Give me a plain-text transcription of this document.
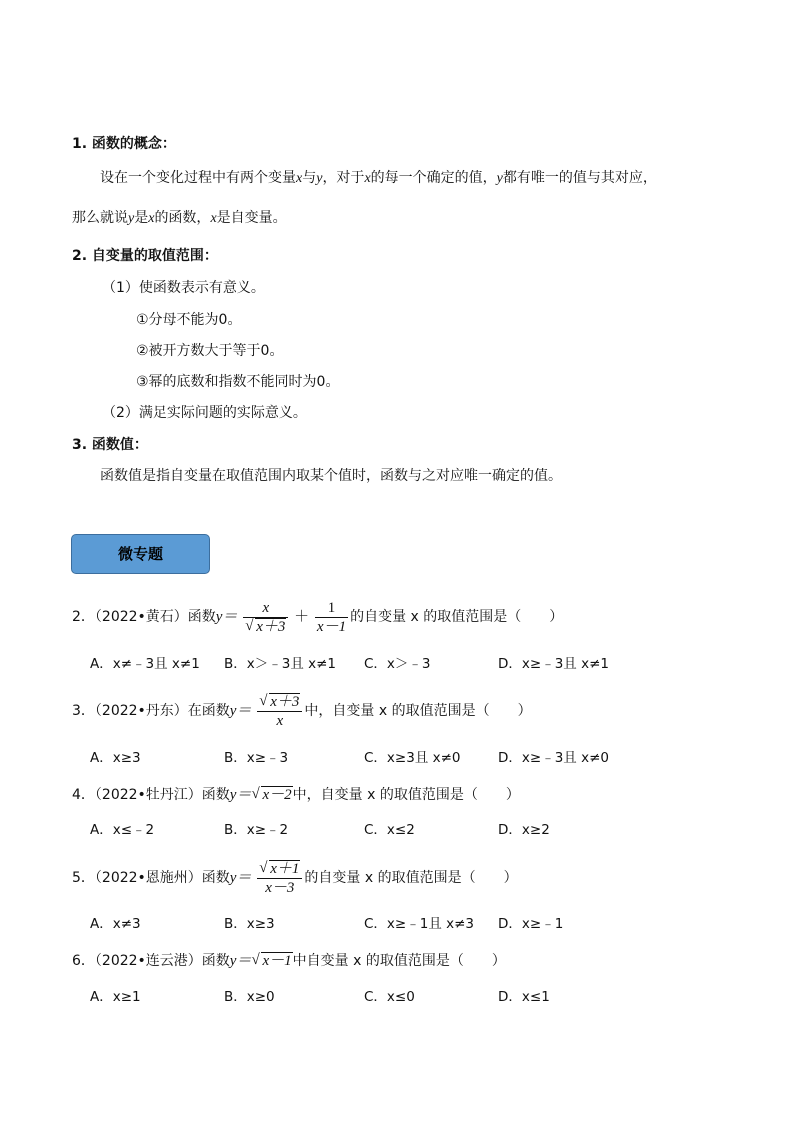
1. 函数的概念：
设在一个变化过程中有两个变量x与y，对于x的每一个确定的值，y都有唯一的值与其对应，
那么就说y是x的函数，x是自变量。
2. 自变量的取值范围：
（1）使函数表示有意义。
①分母不能为0。
②被开方数大于等于0。
③幂的底数和指数不能同时为0。
（2）满足实际问题的实际意义。
3. 函数值：
函数值是指自变量在取值范围内取某个值时，函数与之对应唯一确定的值。
微专题
2．（2022•黄石）函数 $y= \frac{x}{√ x+3} + \frac{1}{x-1}$ 的自变量 x 的取值范围是（　　）
A．x≠﹣3且 x≠1 B．x＞﹣3且 x≠1 C．x＞﹣3	D．x≥﹣3且 x≠1
3．（2022•丹东）在函数 $y= \frac{√ x+3}{x}$ 中，自变量 x 的取值范围是（　　）
A．x≥3	B．x≥﹣3	C．x≥3且 x≠0	D．x≥﹣3且 x≠0
4．（2022•牡丹江）函数 y＝ √ x－2 中，自变量 x 的取值范围是（　　）
A．x≤﹣2	B．x≥﹣2	C．x≤2	D．x≥2
5．（2022•恩施州）函数 $y= \frac{√ x+1}{x-3}$ 的自变量 x 的取值范围是（　　）
A．x≠3	B．x≥3	C．x≥﹣1且 x≠3 D．x≥﹣1
6．（2022•连云港）函数 y＝ √ x－1 中自变量 x 的取值范围是（　　）
A．x≥1	B．x≥0	C．x≤0	D．x≤1
